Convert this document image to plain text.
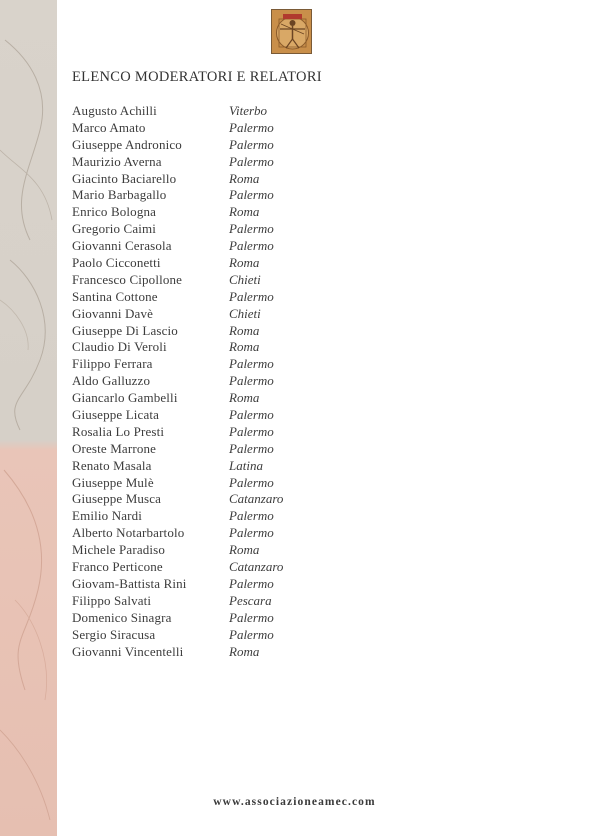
ELENCO MODERATORI E RELATORI
Augusto Achilli	Viterbo
Marco Amato	Palermo
Giuseppe Andronico	Palermo
Maurizio Averna	Palermo
Giacinto Baciarello	Roma
Mario Barbagallo	Palermo
Enrico Bologna	Roma
Gregorio Caimi	Palermo
Giovanni Cerasola	Palermo
Paolo Cicconetti	Roma
Francesco Cipollone	Chieti
Santina Cottone	Palermo
Giovanni Davè	Chieti
Giuseppe Di Lascio	Roma
Claudio Di Veroli	Roma
Filippo Ferrara	Palermo
Aldo Galluzzo	Palermo
Giancarlo Gambelli	Roma
Giuseppe Licata	Palermo
Rosalia Lo Presti	Palermo
Oreste Marrone	Palermo
Renato Masala	Latina
Giuseppe Mulè	Palermo
Giuseppe Musca	Catanzaro
Emilio Nardi	Palermo
Alberto Notarbartolo	Palermo
Michele Paradiso	Roma
Franco Perticone	Catanzaro
Giovam-Battista Rini	Palermo
Filippo Salvati	Pescara
Domenico Sinagra	Palermo
Sergio Siracusa	Palermo
Giovanni Vincentelli	Roma
www.associazioneamec.com
